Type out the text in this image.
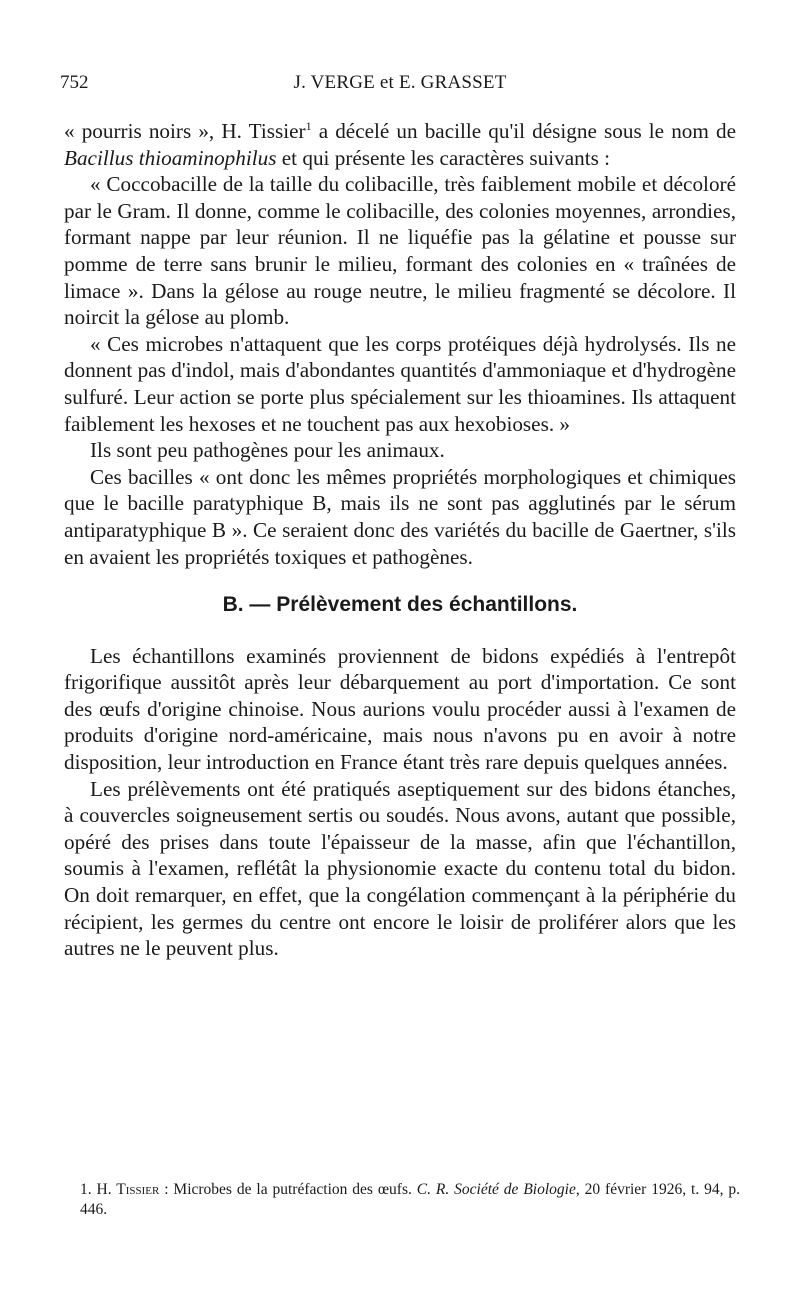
752	J. VERGE et E. GRASSET

« pourris noirs », H. Tissier$^1$ a décelé un bacille qu'il désigne sous le nom de Bacillus thioaminophilus et qui présente les caractères suivants :

« Coccobacille de la taille du colibacille, très faiblement mobile et décoloré par le Gram. Il donne, comme le colibacille, des colonies moyennes, arrondies, formant nappe par leur réunion. Il ne liquéfie pas la gélatine et pousse sur pomme de terre sans brunir le milieu, formant des colonies en « traînées de limace ». Dans la gélose au rouge neutre, le milieu fragmenté se décolore. Il noircit la gélose au plomb.

« Ces microbes n'attaquent que les corps protéiques déjà hydrolysés. Ils ne donnent pas d'indol, mais d'abondantes quantités d'ammoniaque et d'hydrogène sulfuré. Leur action se porte plus spécialement sur les thioamines. Ils attaquent faiblement les hexoses et ne touchent pas aux hexobioses. »

Ils sont peu pathogènes pour les animaux.

Ces bacilles « ont donc les mêmes propriétés morphologiques et chimiques que le bacille paratyphique B, mais ils ne sont pas agglutinés par le sérum antiparatyphique B ». Ce seraient donc des variétés du bacille de Gaertner, s'ils en avaient les propriétés toxiques et pathogènes.

B. — Prélèvement des échantillons.

Les échantillons examinés proviennent de bidons expédiés à l'entrepôt frigorifique aussitôt après leur débarquement au port d'importation. Ce sont des œufs d'origine chinoise. Nous aurions voulu procéder aussi à l'examen de produits d'origine nord-américaine, mais nous n'avons pu en avoir à notre disposition, leur introduction en France étant très rare depuis quelques années.

Les prélèvements ont été pratiqués aseptiquement sur des bidons étanches, à couvercles soigneusement sertis ou soudés. Nous avons, autant que possible, opéré des prises dans toute l'épaisseur de la masse, afin que l'échantillon, soumis à l'examen, reflétât la physionomie exacte du contenu total du bidon. On doit remarquer, en effet, que la congélation commençant à la périphérie du récipient, les germes du centre ont encore le loisir de proliférer alors que les autres ne le peuvent plus.

1. H. Tissier : Microbes de la putréfaction des œufs. C. R. Société de Biologie, 20 février 1926, t. 94, p. 446.
